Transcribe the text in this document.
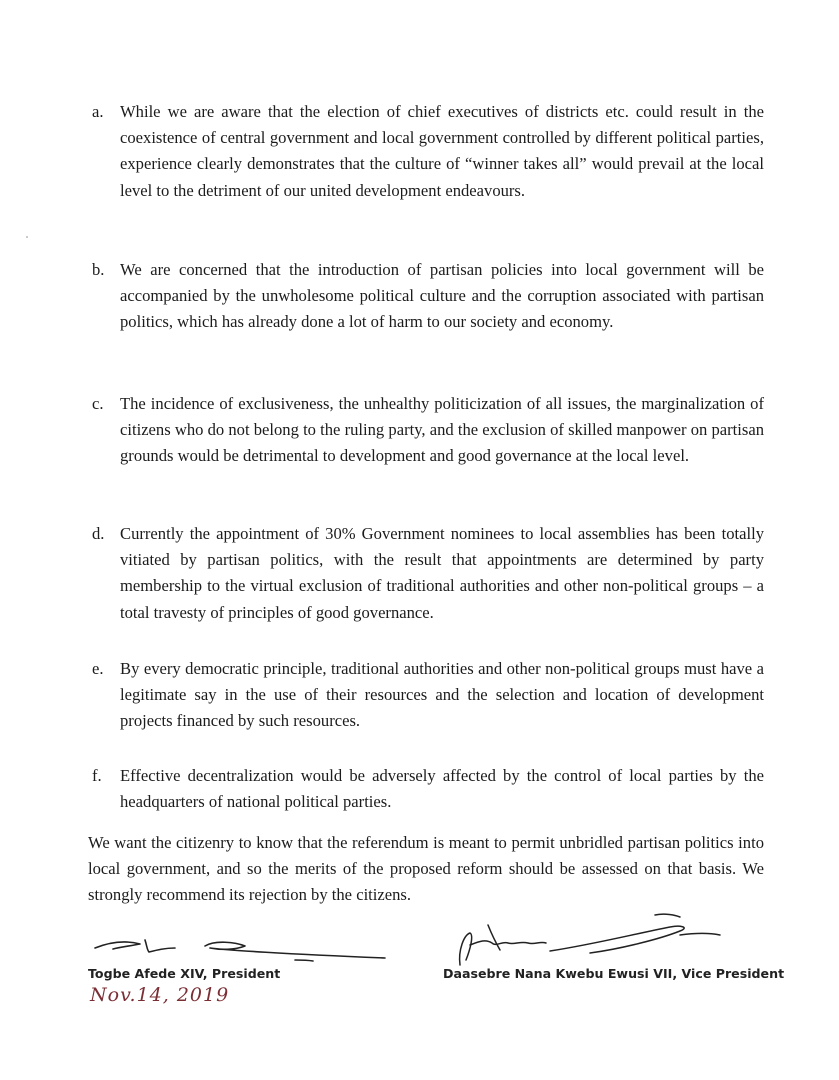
a. While we are aware that the election of chief executives of districts etc. could result in the coexistence of central government and local government controlled by different political parties, experience clearly demonstrates that the culture of “winner takes all” would prevail at the local level to the detriment of our united development endeavours.
b. We are concerned that the introduction of partisan policies into local government will be accompanied by the unwholesome political culture and the corruption associated with partisan politics, which has already done a lot of harm to our society and economy.
c. The incidence of exclusiveness, the unhealthy politicization of all issues, the marginalization of citizens who do not belong to the ruling party, and the exclusion of skilled manpower on partisan grounds would be detrimental to development and good governance at the local level.
d. Currently the appointment of 30% Government nominees to local assemblies has been totally vitiated by partisan politics, with the result that appointments are determined by party membership to the virtual exclusion of traditional authorities and other non-political groups – a total travesty of principles of good governance.
e. By every democratic principle, traditional authorities and other non-political groups must have a legitimate say in the use of their resources and the selection and location of development projects financed by such resources.
f.	Effective decentralization would be adversely affected by the control of local parties by the headquarters of national political parties.

We want the citizenry to know that the referendum is meant to permit unbridled partisan politics into local government, and so the merits of the proposed reform should be assessed on that basis. We strongly recommend its rejection by the citizens.

Togbe Afede XIV, President
Nov.14, 2019
Daasebre Nana Kwebu Ewusi VII, Vice President
